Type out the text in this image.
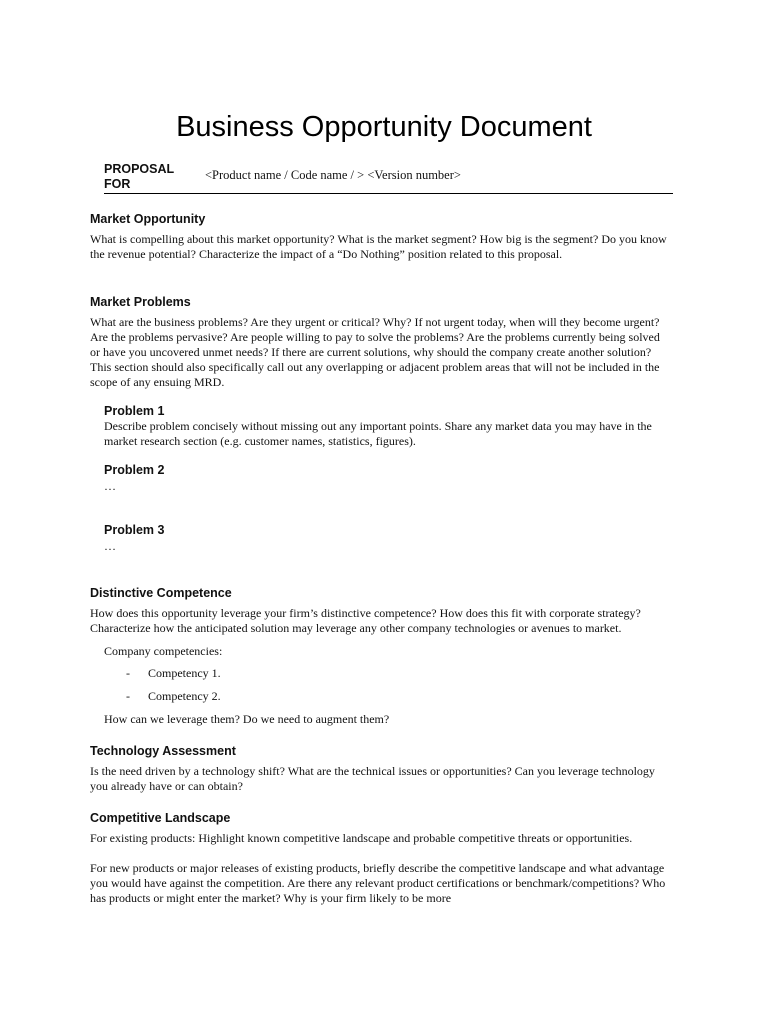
Business Opportunity Document
PROPOSAL FOR
<Product name / Code name / > <Version number>
Market Opportunity
What is compelling about this market opportunity? What is the market segment? How big is the segment? Do you know the revenue potential? Characterize the impact of a “Do Nothing” position related to this proposal.
Market Problems
What are the business problems? Are they urgent or critical? Why? If not urgent today, when will they become urgent? Are the problems pervasive? Are people willing to pay to solve the problems? Are the problems currently being solved or have you uncovered unmet needs? If there are current solutions, why should the company create another solution? This section should also specifically call out any overlapping or adjacent problem areas that will not be included in the scope of any ensuing MRD.
Problem 1
Describe problem concisely without missing out any important points. Share any market data you may have in the market research section (e.g. customer names, statistics, figures).
Problem 2
…
Problem 3
…
Distinctive Competence
How does this opportunity leverage your firm’s distinctive competence? How does this fit with corporate strategy? Characterize how the anticipated solution may leverage any other company technologies or avenues to market.
Company competencies:
- Competency 1.
- Competency 2.
How can we leverage them? Do we need to augment them?
Technology Assessment
Is the need driven by a technology shift? What are the technical issues or opportunities? Can you leverage technology you already have or can obtain?
Competitive Landscape
For existing products: Highlight known competitive landscape and probable competitive threats or opportunities.
For new products or major releases of existing products, briefly describe the competitive landscape and what advantage you would have against the competition. Are there any relevant product certifications or benchmark/competitions? Who has products or might enter the market? Why is your firm likely to be more
